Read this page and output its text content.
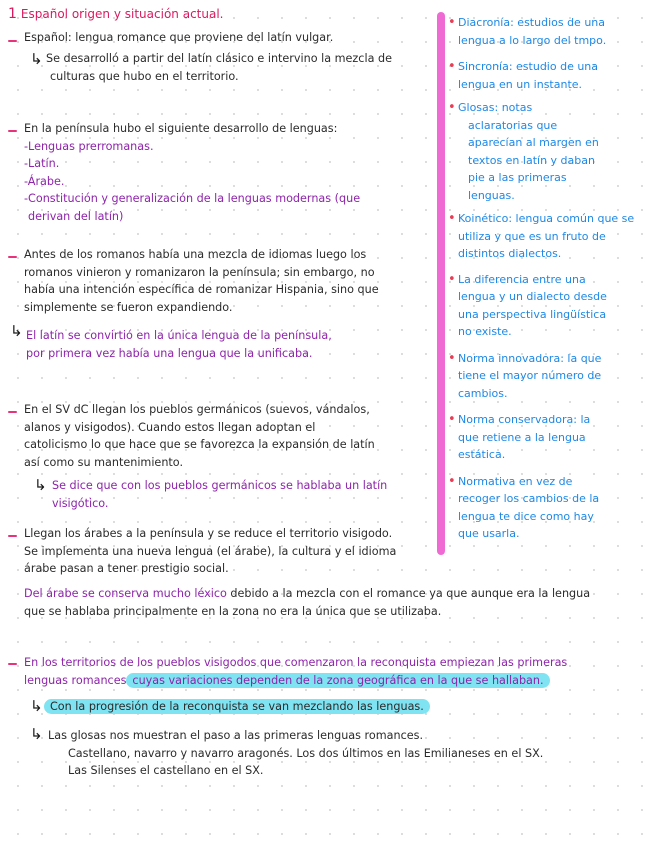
1 Español origen y situación actual.
Español: lengua romance que proviene del latín vulgar.
↳ Se desarrolló a partir del latín clásico e intervino la mezcla de
culturas que hubo en el territorio.
En la península hubo el siguiente desarrollo de lenguas:
-Lenguas prerromanas.
-Latín.
-Árabe.
-Constitución y generalización de la lenguas modernas (que
derivan del latín)
Antes de los romanos había una mezcla de idiomas luego los
romanos vinieron y romanizaron la península; sin embargo, no
había una intención específica de romanizar Hispania, sino que
simplemente se fueron expandiendo.
↳ El latín se convirtió en la única lengua de la península,
por primera vez había una lengua que la unificaba.
En el SV dC llegan los pueblos germánicos (suevos, vándalos,
alanos y visigodos). Cuando estos llegan adoptan el
catolicismo lo que hace que se favorezca la expansión de latín
así como su mantenimiento.
↳ Se dice que con los pueblos germánicos se hablaba un latín
visigótico.
Llegan los árabes a la península y se reduce el territorio visigodo.
Se implementa una nueva lengua (el árabe), la cultura y el idioma
árabe pasan a tener prestigio social.
Del árabe se conserva mucho léxico debido a la mezcla con el romance ya que aunque era la lengua
que se hablaba principalmente en la zona no era la única que se utilizaba.
En los territorios de los pueblos visigodos que comenzaron la reconquista empiezan las primeras
lenguas romances cuyas variaciones dependen de la zona geográfica en la que se hallaban.
↳ Con la progresión de la reconquista se van mezclando las lenguas.
↳ Las glosas nos muestran el paso a las primeras lenguas romances.
Castellano, navarro y navarro aragonés. Los dos últimos en las Emilianeses en el SX.
Las Silenses el castellano en el SX.
• Diacronía: estudios de una
lengua a lo largo del tmpo.
• Sincronía: estudio de una
lengua en un instante.
• Glosas: notas
aclaratorias que
aparecían al margen en
textos en latín y daban
pie a las primeras
lenguas.
• Koinético: lengua común que se
utiliza y que es un fruto de
distintos dialectos.
• La diferencia entre una
lengua y un dialecto desde
una perspectiva lingüística
no existe.
• Norma innovadora: la que
tiene el mayor número de
cambios.
• Norma conservadora: la
que retiene a la lengua
estática.
• Normativa en vez de
recoger los cambios de la
lengua te dice como hay
que usarla.
